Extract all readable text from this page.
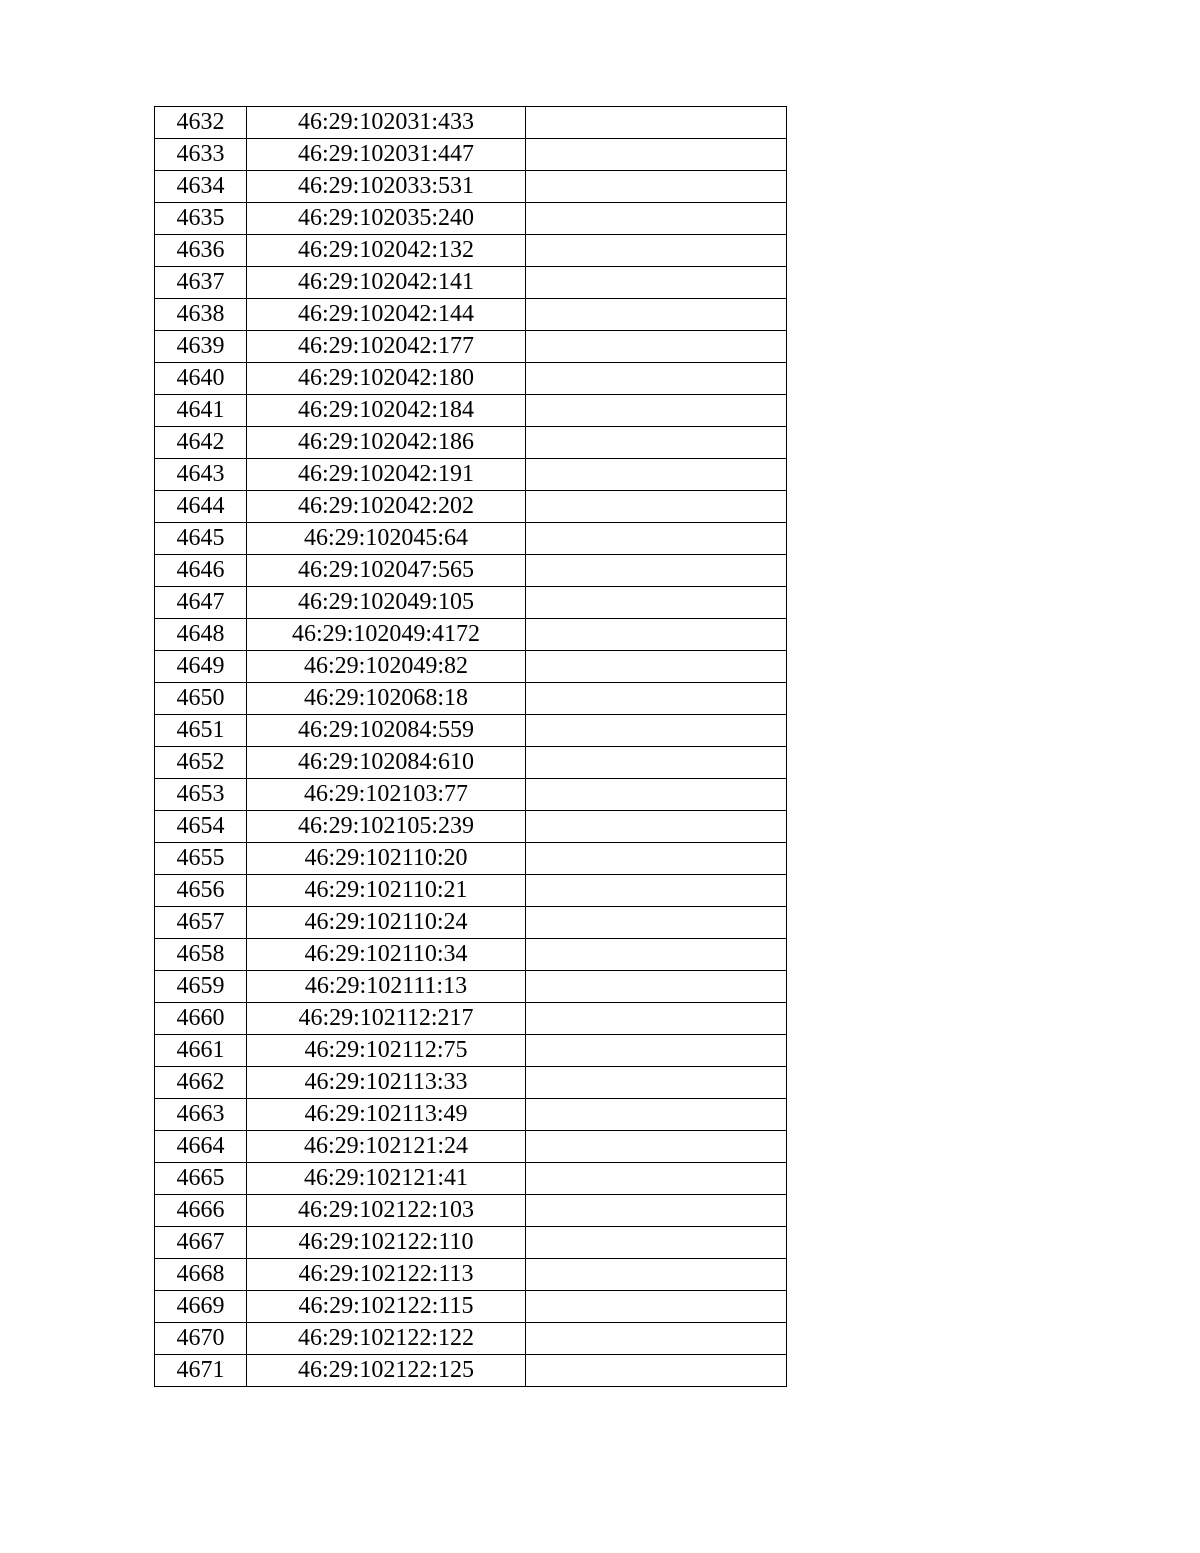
4632	46:29:102031:433	
4633	46:29:102031:447	
4634	46:29:102033:531	
4635	46:29:102035:240	
4636	46:29:102042:132	
4637	46:29:102042:141	
4638	46:29:102042:144	
4639	46:29:102042:177	
4640	46:29:102042:180	
4641	46:29:102042:184	
4642	46:29:102042:186	
4643	46:29:102042:191	
4644	46:29:102042:202	
4645	46:29:102045:64	
4646	46:29:102047:565	
4647	46:29:102049:105	
4648	46:29:102049:4172	
4649	46:29:102049:82	
4650	46:29:102068:18	
4651	46:29:102084:559	
4652	46:29:102084:610	
4653	46:29:102103:77	
4654	46:29:102105:239	
4655	46:29:102110:20	
4656	46:29:102110:21	
4657	46:29:102110:24	
4658	46:29:102110:34	
4659	46:29:102111:13	
4660	46:29:102112:217	
4661	46:29:102112:75	
4662	46:29:102113:33	
4663	46:29:102113:49	
4664	46:29:102121:24	
4665	46:29:102121:41	
4666	46:29:102122:103	
4667	46:29:102122:110	
4668	46:29:102122:113	
4669	46:29:102122:115	
4670	46:29:102122:122	
4671	46:29:102122:125	
